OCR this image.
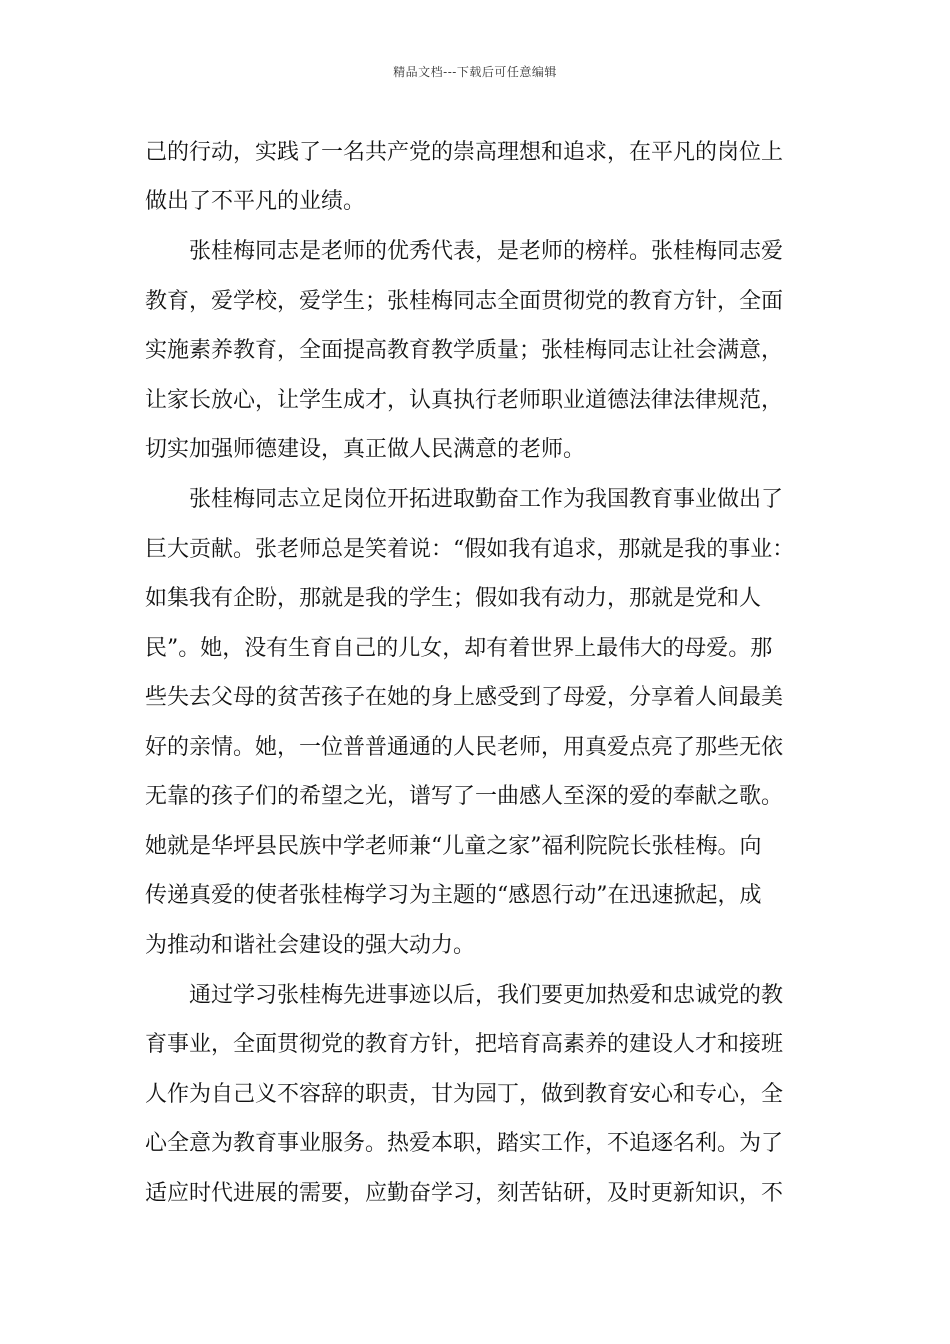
精品文档---下载后可任意编辑
己的行动，实践了一名共产党的崇高理想和追求，在平凡的岗位上
做出了不平凡的业绩。
张桂梅同志是老师的优秀代表，是老师的榜样。张桂梅同志爱
教育，爱学校，爱学生；张桂梅同志全面贯彻党的教育方针，全面
实施素养教育，全面提高教育教学质量；张桂梅同志让社会满意，
让家长放心，让学生成才，认真执行老师职业道德法律法律规范，
切实加强师德建设，真正做人民满意的老师。
张桂梅同志立足岗位开拓进取勤奋工作为我国教育事业做出了
巨大贡献。张老师总是笑着说：“假如我有追求，那就是我的事业：
如集我有企盼，那就是我的学生；假如我有动力，那就是党和人
民”。她，没有生育自己的儿女，却有着世界上最伟大的母爱。那
些失去父母的贫苦孩子在她的身上感受到了母爱，分享着人间最美
好的亲情。她，一位普普通通的人民老师，用真爱点亮了那些无依
无靠的孩子们的希望之光，谱写了一曲感人至深的爱的奉献之歌。
她就是华坪县民族中学老师兼“儿童之家”福利院院长张桂梅。向
传递真爱的使者张桂梅学习为主题的“感恩行动”在迅速掀起，成
为推动和谐社会建设的强大动力。
通过学习张桂梅先进事迹以后，我们要更加热爱和忠诚党的教
育事业，全面贯彻党的教育方针，把培育高素养的建设人才和接班
人作为自己义不容辞的职责，甘为园丁，做到教育安心和专心，全
心全意为教育事业服务。热爱本职，踏实工作，不追逐名利。为了
适应时代进展的需要，应勤奋学习，刻苦钻研，及时更新知识，不
